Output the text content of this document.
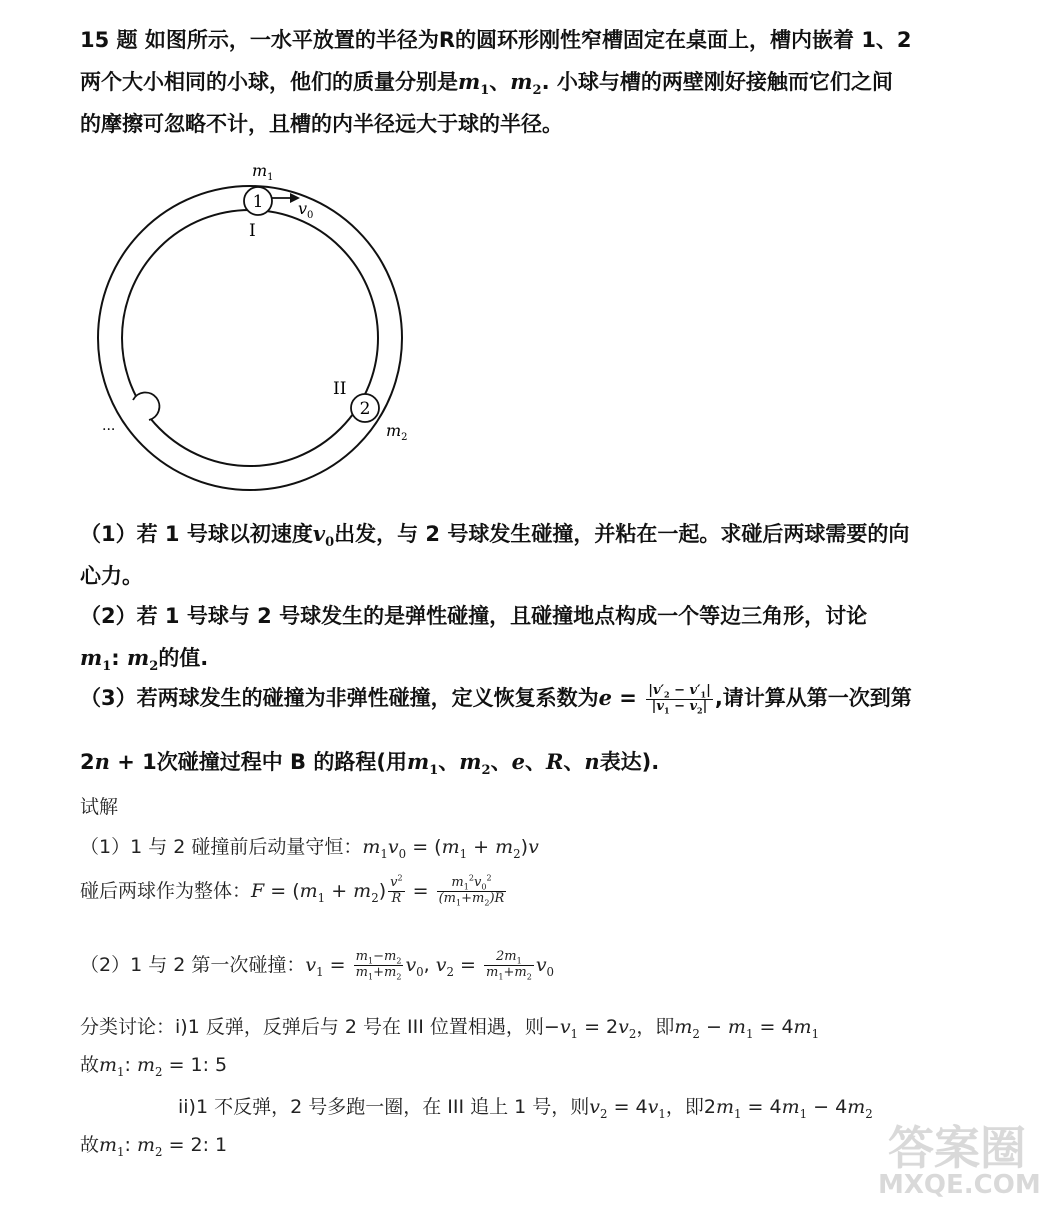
15 题 如图所示，一水平放置的半径为R的圆环形刚性窄槽固定在桌面上，槽内嵌着 1、2
两个大小相同的小球，他们的质量分别是$m_1$、$m_2$. 小球与槽的两壁刚好接触而它们之间
的摩擦可忽略不计，且槽的内半径远大于球的半径。
1
$m_1$
$v_0$
I
2
II
$m_2$
...
（1）若 1 号球以初速度$v_0$出发，与 2 号球发生碰撞，并粘在一起。求碰后两球需要的向
心力。
（2）若 1 号球与 2 号球发生的是弹性碰撞，且碰撞地点构成一个等边三角形，讨论
$m_1$: $m_2$的值.
（3）若两球发生的碰撞为非弹性碰撞，定义恢复系数为$e = \frac{|v'_2 - v'_1|}{|v_1 - v_2|}$ ,请计算从第一次到第
2n + 1次碰撞过程中 B 的路程(用$m_1$、$m_2$、e、R、n表达).
试解
（1）1 与 2 碰撞前后动量守恒：$m_1v_0 = (m_1 + m_2)v$
碰后两球作为整体：$F = (m_1 + m_2) \frac{v^2}{R} = \frac{m_1^2v_0^2}{(m_1+m_2)R}$
（2）1 与 2 第一次碰撞：$v_1 = \frac{m_1-m_2}{m_1+m_2} v_0$, $v_2 = \frac{2m_1}{m_1+m_2} v_0$
分类讨论：i)1 反弹，反弹后与 2 号在 III 位置相遇，则$-v_1 = 2v_2$，即$m_2 - m_1 = 4m_1$
故$m_1$: $m_2 = 1$: 5
ii)1 不反弹，2 号多跑一圈，在 III 追上 1 号，则$v_2 = 4v_1$，即$2m_1 = 4m_1 - 4m_2$
故$m_1$: $m_2 = 2$: 1	答案圈
MXQE.COM
